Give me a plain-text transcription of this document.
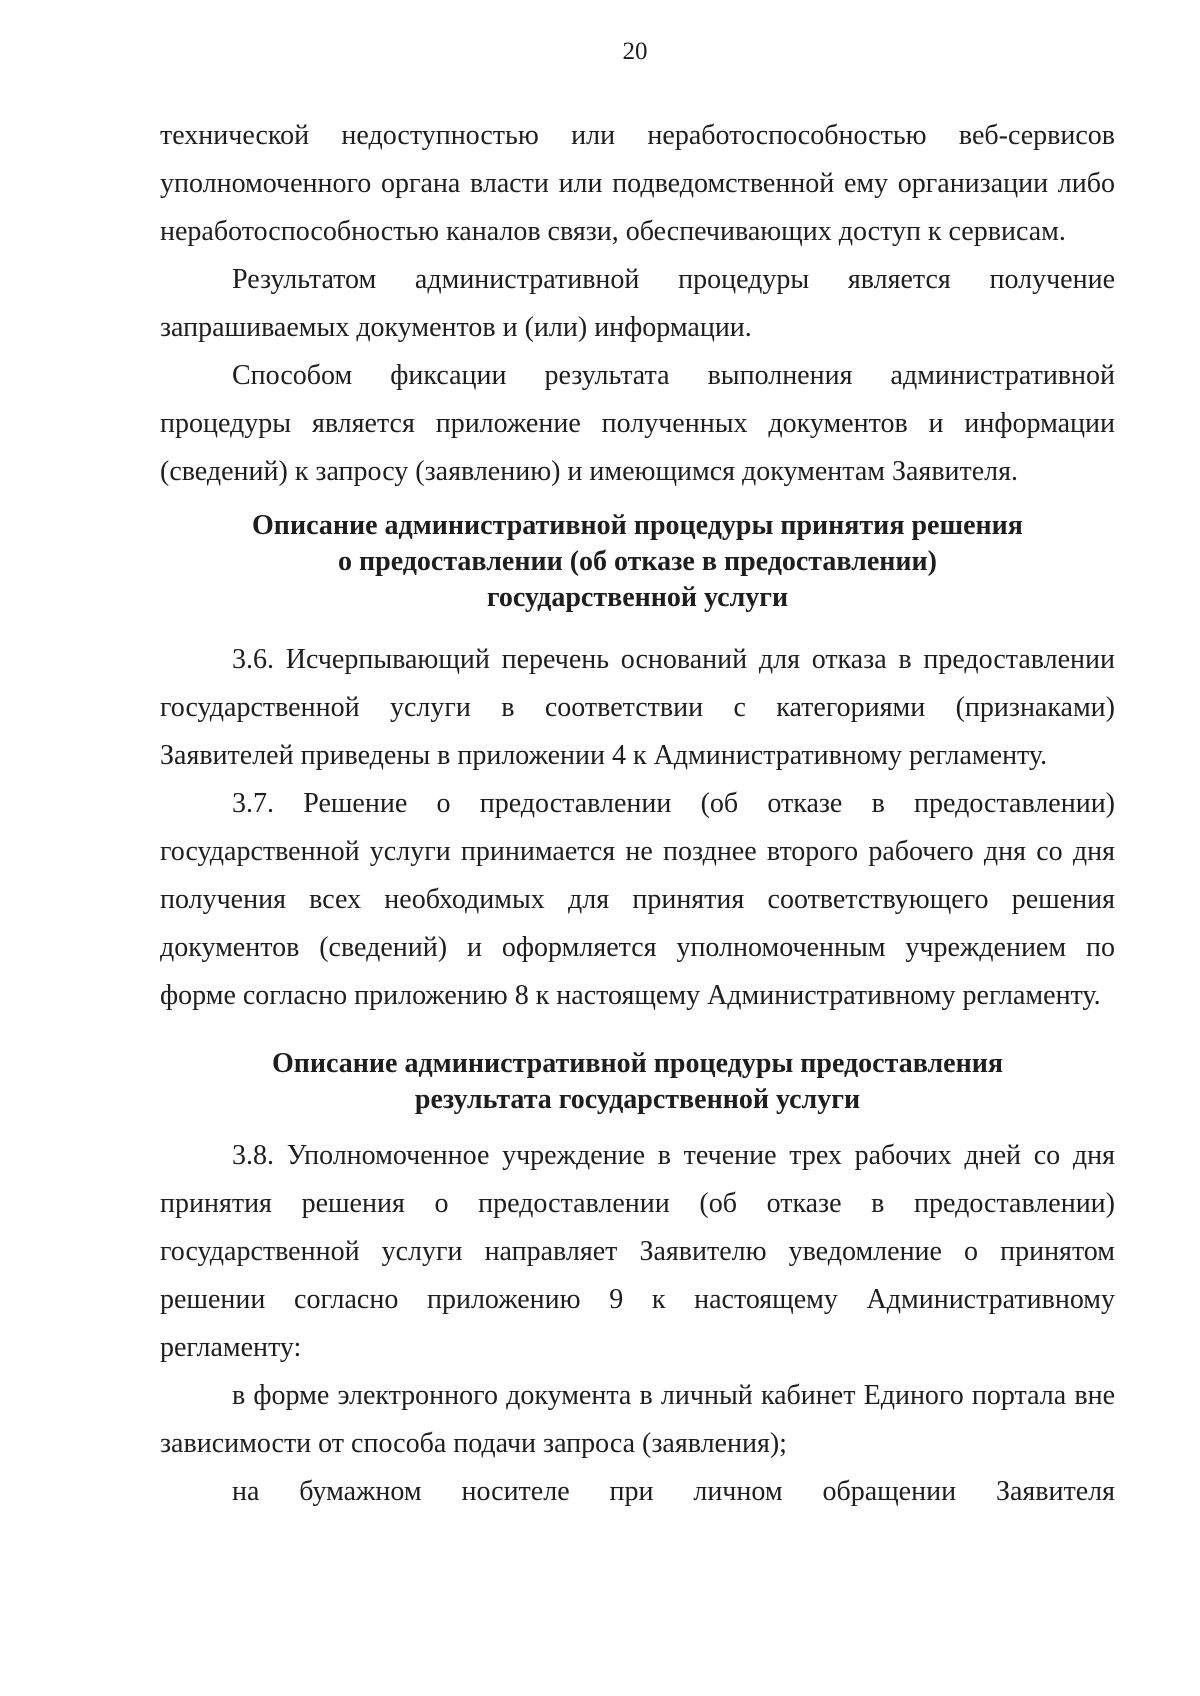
20

технической недоступностью или неработоспособностью веб-сервисов уполномоченного органа власти или подведомственной ему организации либо неработоспособностью каналов связи, обеспечивающих доступ к сервисам.

Результатом административной процедуры является получение запрашиваемых документов и (или) информации.

Способом фиксации результата выполнения административной процедуры является приложение полученных документов и информации (сведений) к запросу (заявлению) и имеющимся документам Заявителя.

Описание административной процедуры принятия решения
о предоставлении (об отказе в предоставлении)
государственной услуги

3.6. Исчерпывающий перечень оснований для отказа в предоставлении государственной услуги в соответствии с категориями (признаками) Заявителей приведены в приложении 4 к Административному регламенту.

3.7. Решение о предоставлении (об отказе в предоставлении) государственной услуги принимается не позднее второго рабочего дня со дня получения всех необходимых для принятия соответствующего решения документов (сведений) и оформляется уполномоченным учреждением по форме согласно приложению 8 к настоящему Административному регламенту.

Описание административной процедуры предоставления
результата государственной услуги

3.8. Уполномоченное учреждение в течение трех рабочих дней со дня принятия решения о предоставлении (об отказе в предоставлении) государственной услуги направляет Заявителю уведомление о принятом решении согласно приложению 9 к настоящему Административному регламенту:

в форме электронного документа в личный кабинет Единого портала вне зависимости от способа подачи запроса (заявления);

на бумажном носителе при личном обращении Заявителя
